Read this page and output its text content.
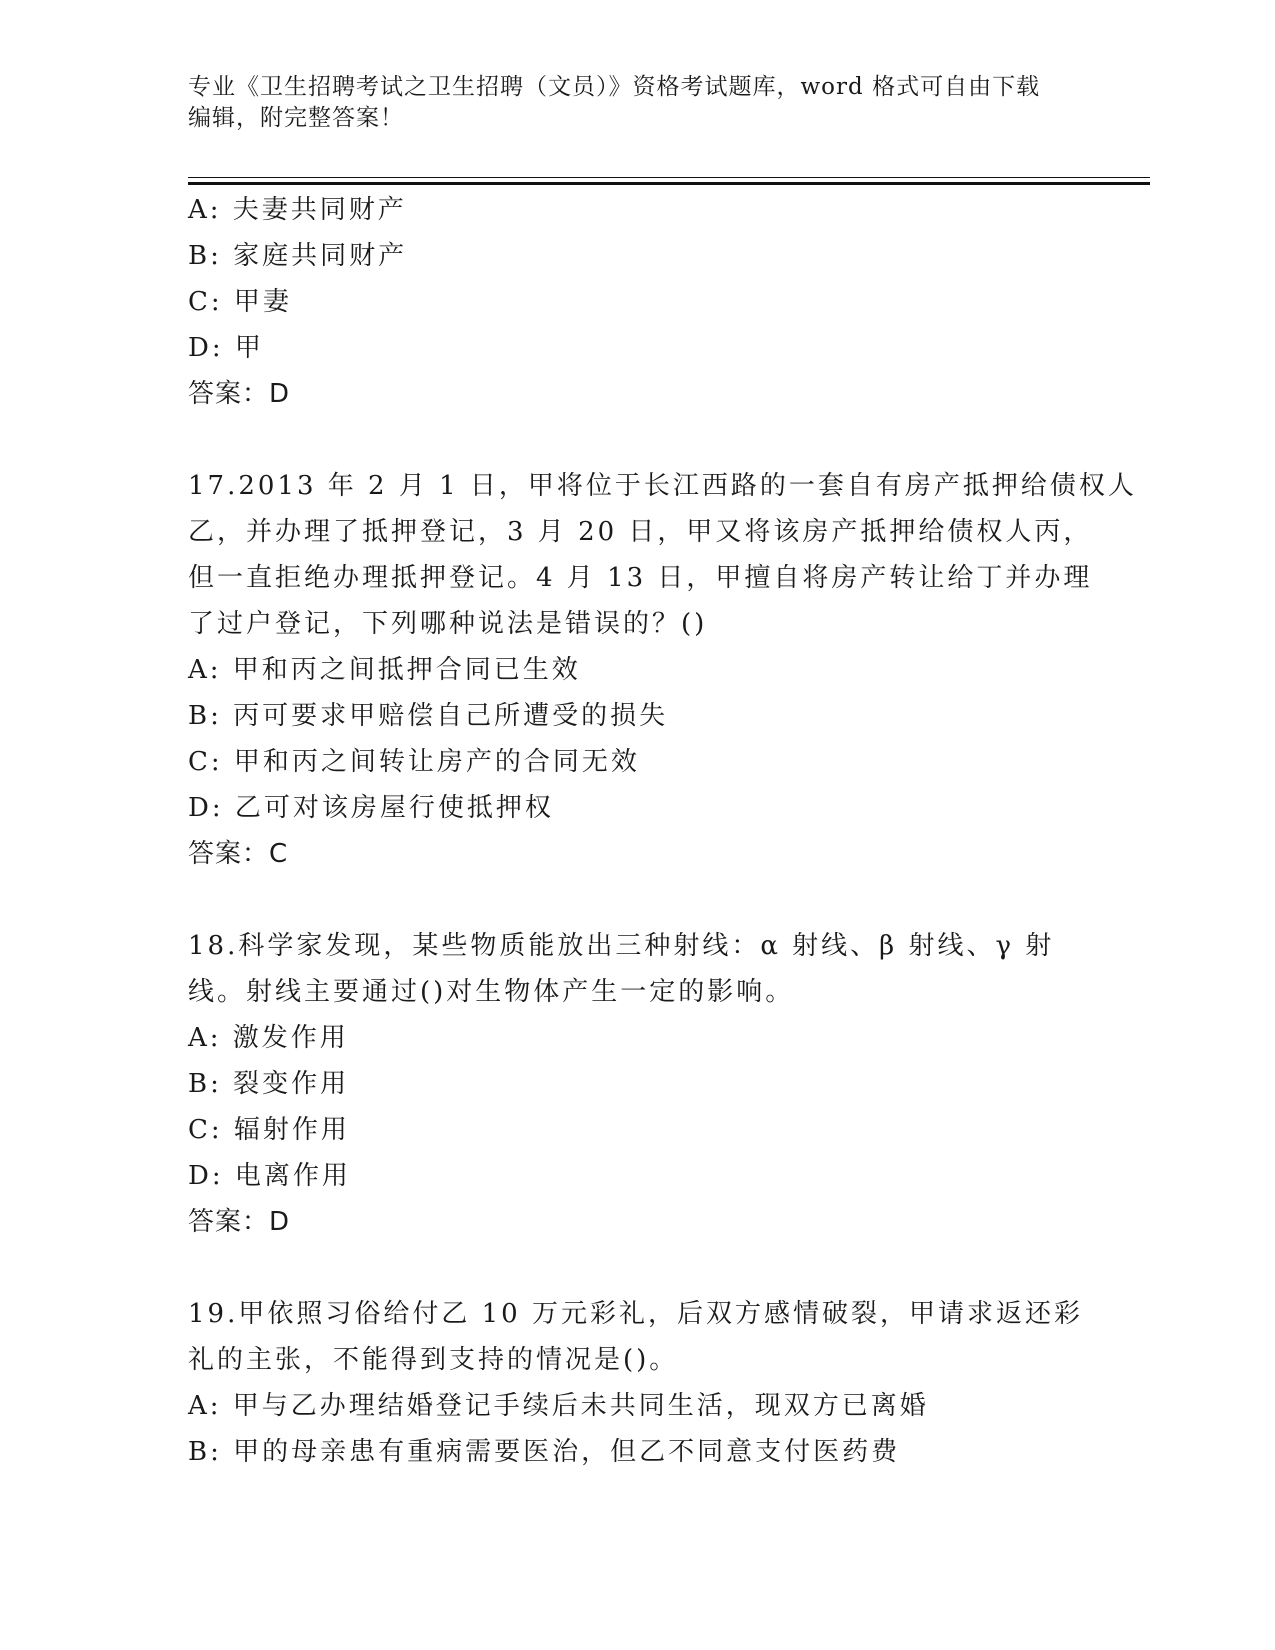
专业《卫生招聘考试之卫生招聘（文员）》资格考试题库，word 格式可自由下载
编辑，附完整答案！
A: 夫妻共同财产
B: 家庭共同财产
C: 甲妻
D: 甲
答案：D
17.2013 年 2 月 1 日，甲将位于长江西路的一套自有房产抵押给债权人
乙，并办理了抵押登记，3 月 20 日，甲又将该房产抵押给债权人丙，
但一直拒绝办理抵押登记。4 月 13 日，甲擅自将房产转让给丁并办理
了过户登记，下列哪种说法是错误的？()
A: 甲和丙之间抵押合同已生效
B: 丙可要求甲赔偿自己所遭受的损失
C: 甲和丙之间转让房产的合同无效
D: 乙可对该房屋行使抵押权
答案：C
18.科学家发现，某些物质能放出三种射线：α 射线、β 射线、γ 射
线。射线主要通过()对生物体产生一定的影响。
A: 激发作用
B: 裂变作用
C: 辐射作用
D: 电离作用
答案：D
19.甲依照习俗给付乙 10 万元彩礼，后双方感情破裂，甲请求返还彩
礼的主张，不能得到支持的情况是()。
A: 甲与乙办理结婚登记手续后未共同生活，现双方已离婚
B: 甲的母亲患有重病需要医治，但乙不同意支付医药费
